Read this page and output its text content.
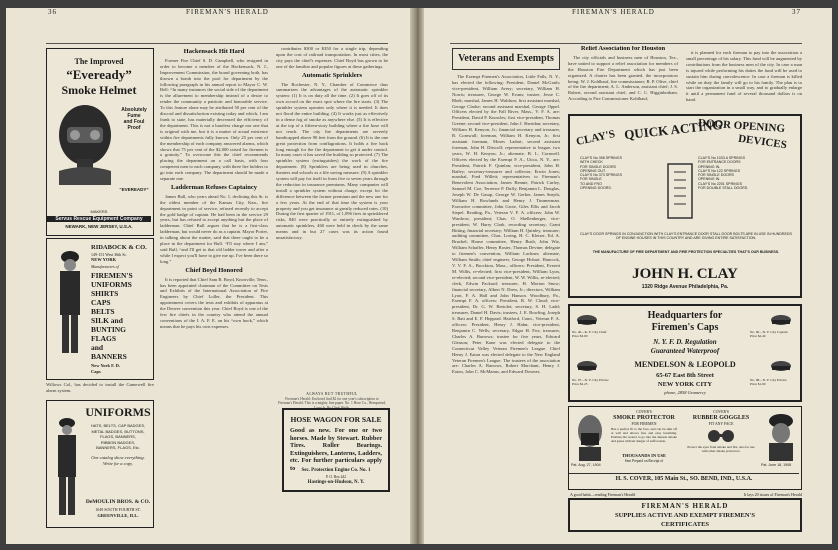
36	FIREMAN'S HERALD
The Improved
“Eveready”
Smoke Helmet
Absolutely
Fume
and Foul
Proof
“EVEREADY”
MAKERS
Servus Rescue Equipment Company
NEWARK, NEW JERSEY, U.S.A.
RIDABOCK & CO.
149-151 West 36th St.
NEW YORK
Manufacturers of
FIREMEN'S
UNIFORMS
SHIRTS
CAPS
BELTS
SILK and
BUNTING
FLAGS
and
BANNERS
New York F. D.
Caps
Willows Cal., has decided to install the Gamewell fire alarm system.
UNIFORMS
HATS, BELTS, CAP BADGES,
METAL BADGES, BUTTONS,
FLAGS, BANNERS,
RIBBON BADGES,
BANNERS, FLAGS, Etc.
Our catalog show everything.
Write for a copy.
DeMOULIN BROS. & CO.
1049 SOUTH FOURTH ST.
GREENVILLE, ILL.
Hackensack Hit Hard

Former Fire Chief S. D. Campbell, who resigned in order to become a member of the Hackensack, N. J., Improvement Commission, the board governing both, has thrown a bomb into the pool for department by the following paragraph in his annual report to Mayor C. W. Bell: “In many instances the social side of the department is the allurement to membership instead of a desire to render the community a patriotic and honorable service. To this feature alone may be attributed 50 per cent of the discord and dissatisfaction existing today and which, I am frank to state, has materially decreased the efficiency of the department. This is not a baseless charge nor one that is original with me, but it is a matter of actual existence within fire departments fully known. Only 25 per cent of the membership of each company answered alarms, which shows that 75 per cent of the $2,000 raised for firemen is a gratuity.” To overcome this the chief recommends placing the department on a call basis, with four competent men to each company, with three fire holders to go into each company. The department should be made a separate one.

Ladderman Refuses Captaincy

James Bull, who years ahead No. 1, declining this Sr. is the oldest member of the Kansas City, Kan., fire department in point of service, refused recently to accept the gold badge of captain. He had been in the service 29 years, but has refused to accept anything but the place of ladderman. Chief Bull argues that he is a first-class ladderman, but would never do as a captain. Mayor Porter, in talking about the matter, said that there ought to be a place in the department for Bull. “I'll stay where I am,” said Bull, “and I'll get to that old ladder tower and after a while I expect you'll have to give me up. I've been there so long.”

Chief Boyd Honored

It is reported that Chief Sam B. Boyd, Knoxville, Tenn., has been appointed chairman of the Committee on Tests and Exhibits of the International Association of Fire Engineers by Chief Loller, the President. This appointment covers the tests and exhibits of apparatus at the Denver convention this year. Chief Boyd is one of the few fire chiefs in the country who attend the annual conventions of the I. A. F. E. on his “own hook,” which means that he pays his own expenses.

contributes $300 or $350 for a single trip, depending upon the cost of railroad transportation. In most cities, the city pays the chief's expenses. Chief Boyd has grown to be one of the familiar and popular figures at these gatherings.

Automatic Sprinklers

The Rochester, N. Y., Chamber of Commerce thus summarizes the advantages of the automatic sprinkler system: (1) It is on duty all the time. (2) It goes off of its own accord on the exact spot where the fire starts. (3) The sprinkler system operates only where it is needed. It does not flood the entire building. (4) It works just as effectively in a dense fog of smoke as anywhere else. (5) It is effective at the top of a fifteen-story building where a fire hose will not reach. The city fire departments are severely handicapped above 90 feet from the ground. (6) It is the one great protection from conflagrations. It holds a fire back long enough for the fire department to get it under control. In many cases it has saved the building so protected. (7) The sprinkler system (extinguishes) the work of the fire department. (8) Sprinklers are being used in churches, theaters and schools as a life saving measure. (9) A sprinkler system will pay for itself in from five to seven years through the reduction in insurance premiums. Many companies will install a sprinkler system without charge, except for the difference between the former premium and the new one for a few years. At the end of that time the system is your property and you get insurance at greatly reduced rates. (10) During the first quarter of 1911, of 1,096 fires in sprinklered risks, 840 were practically or entirely extinguished by automatic sprinklers, 460 were held in check by the same means and in but 27 cases was its action found unsatisfactory.

ALWAYS BUT TRUTHFUL
Fireman's Herald: Enclosed find $2 for one year's subscription to Fireman's Herald. This is a mighty fine paper. No. 1 Hose Co., Hempstead,
HOSE WAGON FOR SALE
Good as new. For one or two horses. Made by Stewart. Rubber Tires. Roller Bearings. Extinguishers, Lanterns, Ladders, etc. For further particulars apply to	Sec. Protection Engine Co. No. 1
P. O. Box 442
Hastings-on-Hudson, N. Y.
FIREMAN'S HERALD	37
Veterans and Exempts

The Exempt Firemen's Association, Little Falls, N. Y., has elected the following: President, Daniel McGrath; vice-president, William Avery; secretary, William H. Norris; treasurer, George W. Evans; trustee, Jesse C. Rhek; marshal, James H. Waldron; first assistant marshal, George Clarke; second assistant marshal, George Oppel. Officers elected by the Fall River, Mass., V. F. A. are: President, David P. Knowles; first vice-president, Thomas Greene; second vice-president, John J. Sheridan; secretary, William H. Kenyon, Jr.; financial secretary and treasurer, B. Cornwall; foreman, William H. Kenyon, Jr.; first assistant foreman, Moses Ladart; second assistant foreman, John H. Driscoll; representative to league, two years, W. H. Kenyon, Jr.; alternate, B. L. Cornwell. Officers elected by the Exempt F. A., Utica, N. Y., are: President, Patrick F. Quinlan; vice-president, John H. Bailey; secretary-treasurer and collector, Erwin Jones; marshal, Fred Willett; representatives to Fireman's Benevolent Association, James Rennie, Patrick Curley, Samuel M. Coe, Terrence P. Duffy, Benjamin L. Douglas, Joseph W. De Gasap, George W. Gerber, James Smyth, William H. Rowlands and Henry J. Timmerman. Executive committee, John Grote, Giles Ellis and Jacob Siepel. Reading, Pa., Veteran V. F. A. officers: John W. Wardrow, president; Chas. O. Shellenberger, vice-president; W. Harry Clark, recording secretary; Grant Bitting, financial secretary; William H. Quinley, treasurer; auditing committee, Chas. Loring, H. C. Kleiser, Ed. A. Bruckel; House committee, Henry Bush, John Wiz, William Schaffer, Henry Rosier, Thomas Devine; delegate to firemen's convention, William Lachner; alternate, William Smith; chief engineer, George Hobart. Hancock, V. V. F. A., Brockton, Mass., officers: President, Everett M. Willis, re-elected; first vice-president, William Lyon, re-elected; second vice-president, W. W. Willis, re-elected; clerk, Edwin Packard; treasurer, H. Morton Snow; financial secretary, Albert N. Drew, Jr.; directors, William Lyon, F. A. Hall and John Hanson. Woodbury, Pa., Exempt F. A. officers: President, B. W. Cloud; vice-president, Dr. G. W. Bertolet; secretary, S. H. Ladd; treasurer, Daniel H. Davis; trustees, J. E. Bowling, Joseph S. Batt and E. P. Heppard. Hartford, Conn., Veteran F. A. officers: President, Henry J. Hahn; vice-president, Benjamin C. Wells; secretary, Edgar H. Fox; treasurer, Charles A. Barrows; trustee for five years, Edward Gleason; Peter Kane was elected delegate to the Connecticut Valley Veteran Firemen's League. Chief Henry J. Eaton was elected delegate to the New England Veteran Firemen's League. The trustees of the association are: Charles A. Barrows, Robert Marchant, Henry J. Eaton, John C. McManus, and Edward Downes.

Relief Association for Houston

The city officials and business men of Houston, Tex., have united to support a relief association for members of the Houston Fire Department which has just been organized. A charter has been granted, the incorporators being: W. J. Kohlhauf, fire commissioner; R. P. Olive, chief of the fire department; A. L. Anderson, assistant chief; J. S. Rubert, second assistant chief, and C. C. Higginbotham. According to Fire Commissioner Kohlhauf,

it is planned for each fireman to pay into the association a small percentage of his salary. This fund will be augmented by contributions from the business men of the city. In case a man is injured while performing his duties the fund will be used to sustain him during convalescence. In case a fireman is killed while on duty the family will go to his family. The plan is to start the organization in a small way, and to gradually enlarge it until a permanent fund of several thousand dollars is on hand.

CLAY'S QUICK ACTING
DOOR OPENING
DEVICES
CLAY'S No 398 SPRINGS
WITH CHECK
FOR SINGLE DOORS
OPENING OUT.
CLAY'S No 373 SPRINGS
FOR SINGLE
TO AND FRO
OPENING DOORS.
CLAY'S No 1033 A SPRINGS
FOR ENTRANCE DOORS
OPENING IN.
CLAY'S No 122 SPRINGS
FOR SINGLE DOORS
OPENING IN.
CLAY'S No 2201 SPRINGS
FOR DOUBLE STALL DOORS.
CLAY'S DOOR SPRINGS IN CONJUNCTION WITH CLAY'S ENTRANCE DOOR STALL DOOR BOLTS ARE IN USE IN HUNDREDS OF ENGINE HOUSES IN THIS COUNTRY AND ARE GIVING ENTIRE SATISFACTION.
THE MANUFACTURE OF FIRE DEPARTMENT AND FIRE PROTECTION SPECIALTIES THAT'S OUR BUSINESS.
JOHN H. CLAY
1320 Ridge Avenue Philadelphia, Pa.
No. 40—K. Y. City Chief
Price $3.00
No. 60—N. Y. City Captain
Price $2.40
No. 97—N. Y. City Private
Price $2.25
No. 98—N. Y. City Private
Price $1.00
Headquarters for
Firemen's Caps
N. Y. F. D. Regulation
Guaranteed Waterproof
MENDELSON & LEOPOLD
65-67 East 8th Street
NEW YORK CITY
phone, 2858 Gramercy
Pat. Aug. 27, 1904
COVER'S
SMOKE PROTECTOR
FOR FIREMEN
Has a perfect fit to the face, and can be shut off at will and allows free and easy breathing. Enables the wearer to go into the densest smoke and gases without danger of suffocation.
THOUSANDS IN USE
Sent Prepaid on Receipt of
COVER'S
RUBBER GOGGLES
FIT ANY FACE
Protect the eyes from smoke and fire, also for use with other smoke protectors.
Pat. June 18, 1908
H. S. COVER, 105 Main St., SO. BEND, IND., U.S.A.
A good habit—reading Fireman's Herald	It lays 20 issues of Fireman's Herald
FIREMAN'S HERALD
SUPPLIES ACTIVE AND EXEMPT FIREMEN'S
CERTIFICATES
